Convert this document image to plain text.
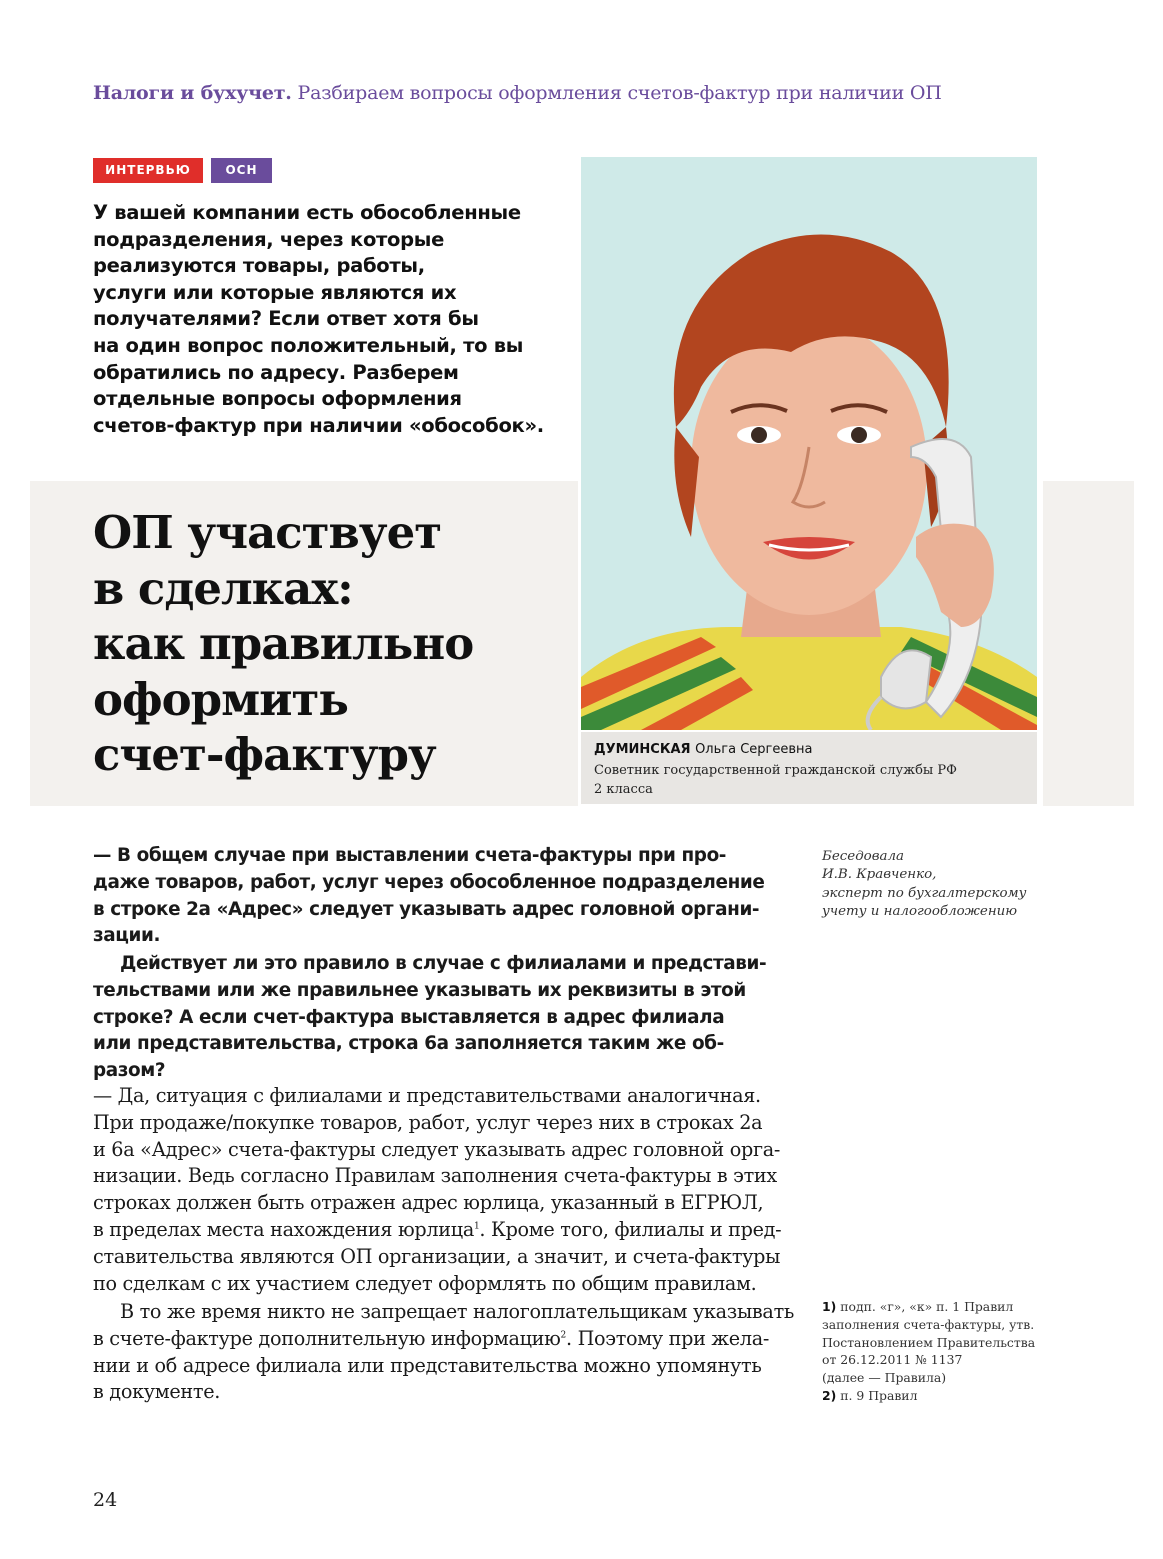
Налоги и бухучет. Разбираем вопросы оформления счетов-фактур при наличии ОП
ИНТЕРВЬЮ	ОСН
У вашей компании есть обособленные
подразделения, через которые
реализуются товары, работы,
услуги или которые являются их
получателями? Если ответ хотя бы
на один вопрос положительный, то вы
обратились по адресу. Разберем
отдельные вопросы оформления
счетов-фактур при наличии «обособок».
ОП участвует
в сделках:
как правильно
оформить
счет-фактуру	ДУМИНСКАЯ Ольга Сергеевна
Советник государственной гражданской службы РФ
2 класса
— В общем случае при выставлении счета-фактуры при про-
даже товаров, работ, услуг через обособленное подразделение
в строке 2а «Адрес» следует указывать адрес головной органи-
зации.
Действует ли это правило в случае с филиалами и представи-
тельствами или же правильнее указывать их реквизиты в этой
строке? А если счет-фактура выставляется в адрес филиала
или представительства, строка 6а заполняется таким же об-
разом?
— Да, ситуация с филиалами и представительствами аналогичная.
При продаже/покупке товаров, работ, услуг через них в строках 2а
и 6а «Адрес» счета-фактуры следует указывать адрес головной орга-
низации. Ведь согласно Правилам заполнения счета-фактуры в этих
строках должен быть отражен адрес юрлица, указанный в ЕГРЮЛ,
в пределах места нахождения юрлица$^1$. Кроме того, филиалы и пред-
ставительства являются ОП организации, а значит, и счета-фактуры
по сделкам с их участием следует оформлять по общим правилам.
В то же время никто не запрещает налогоплательщикам указывать
в счете-фактуре дополнительную информацию$^2$. Поэтому при жела-
нии и об адресе филиала или представительства можно упомянуть
в документе.
Беседовала
И.В. Кравченко,
эксперт по бухгалтерскому
учету и налогообложению
1) подп. «г», «к» п. 1 Правил
заполнения счета-фактуры, утв.
Постановлением Правительства
от 26.12.2011 № 1137
(далее — Правила)
2) п. 9 Правил
24
